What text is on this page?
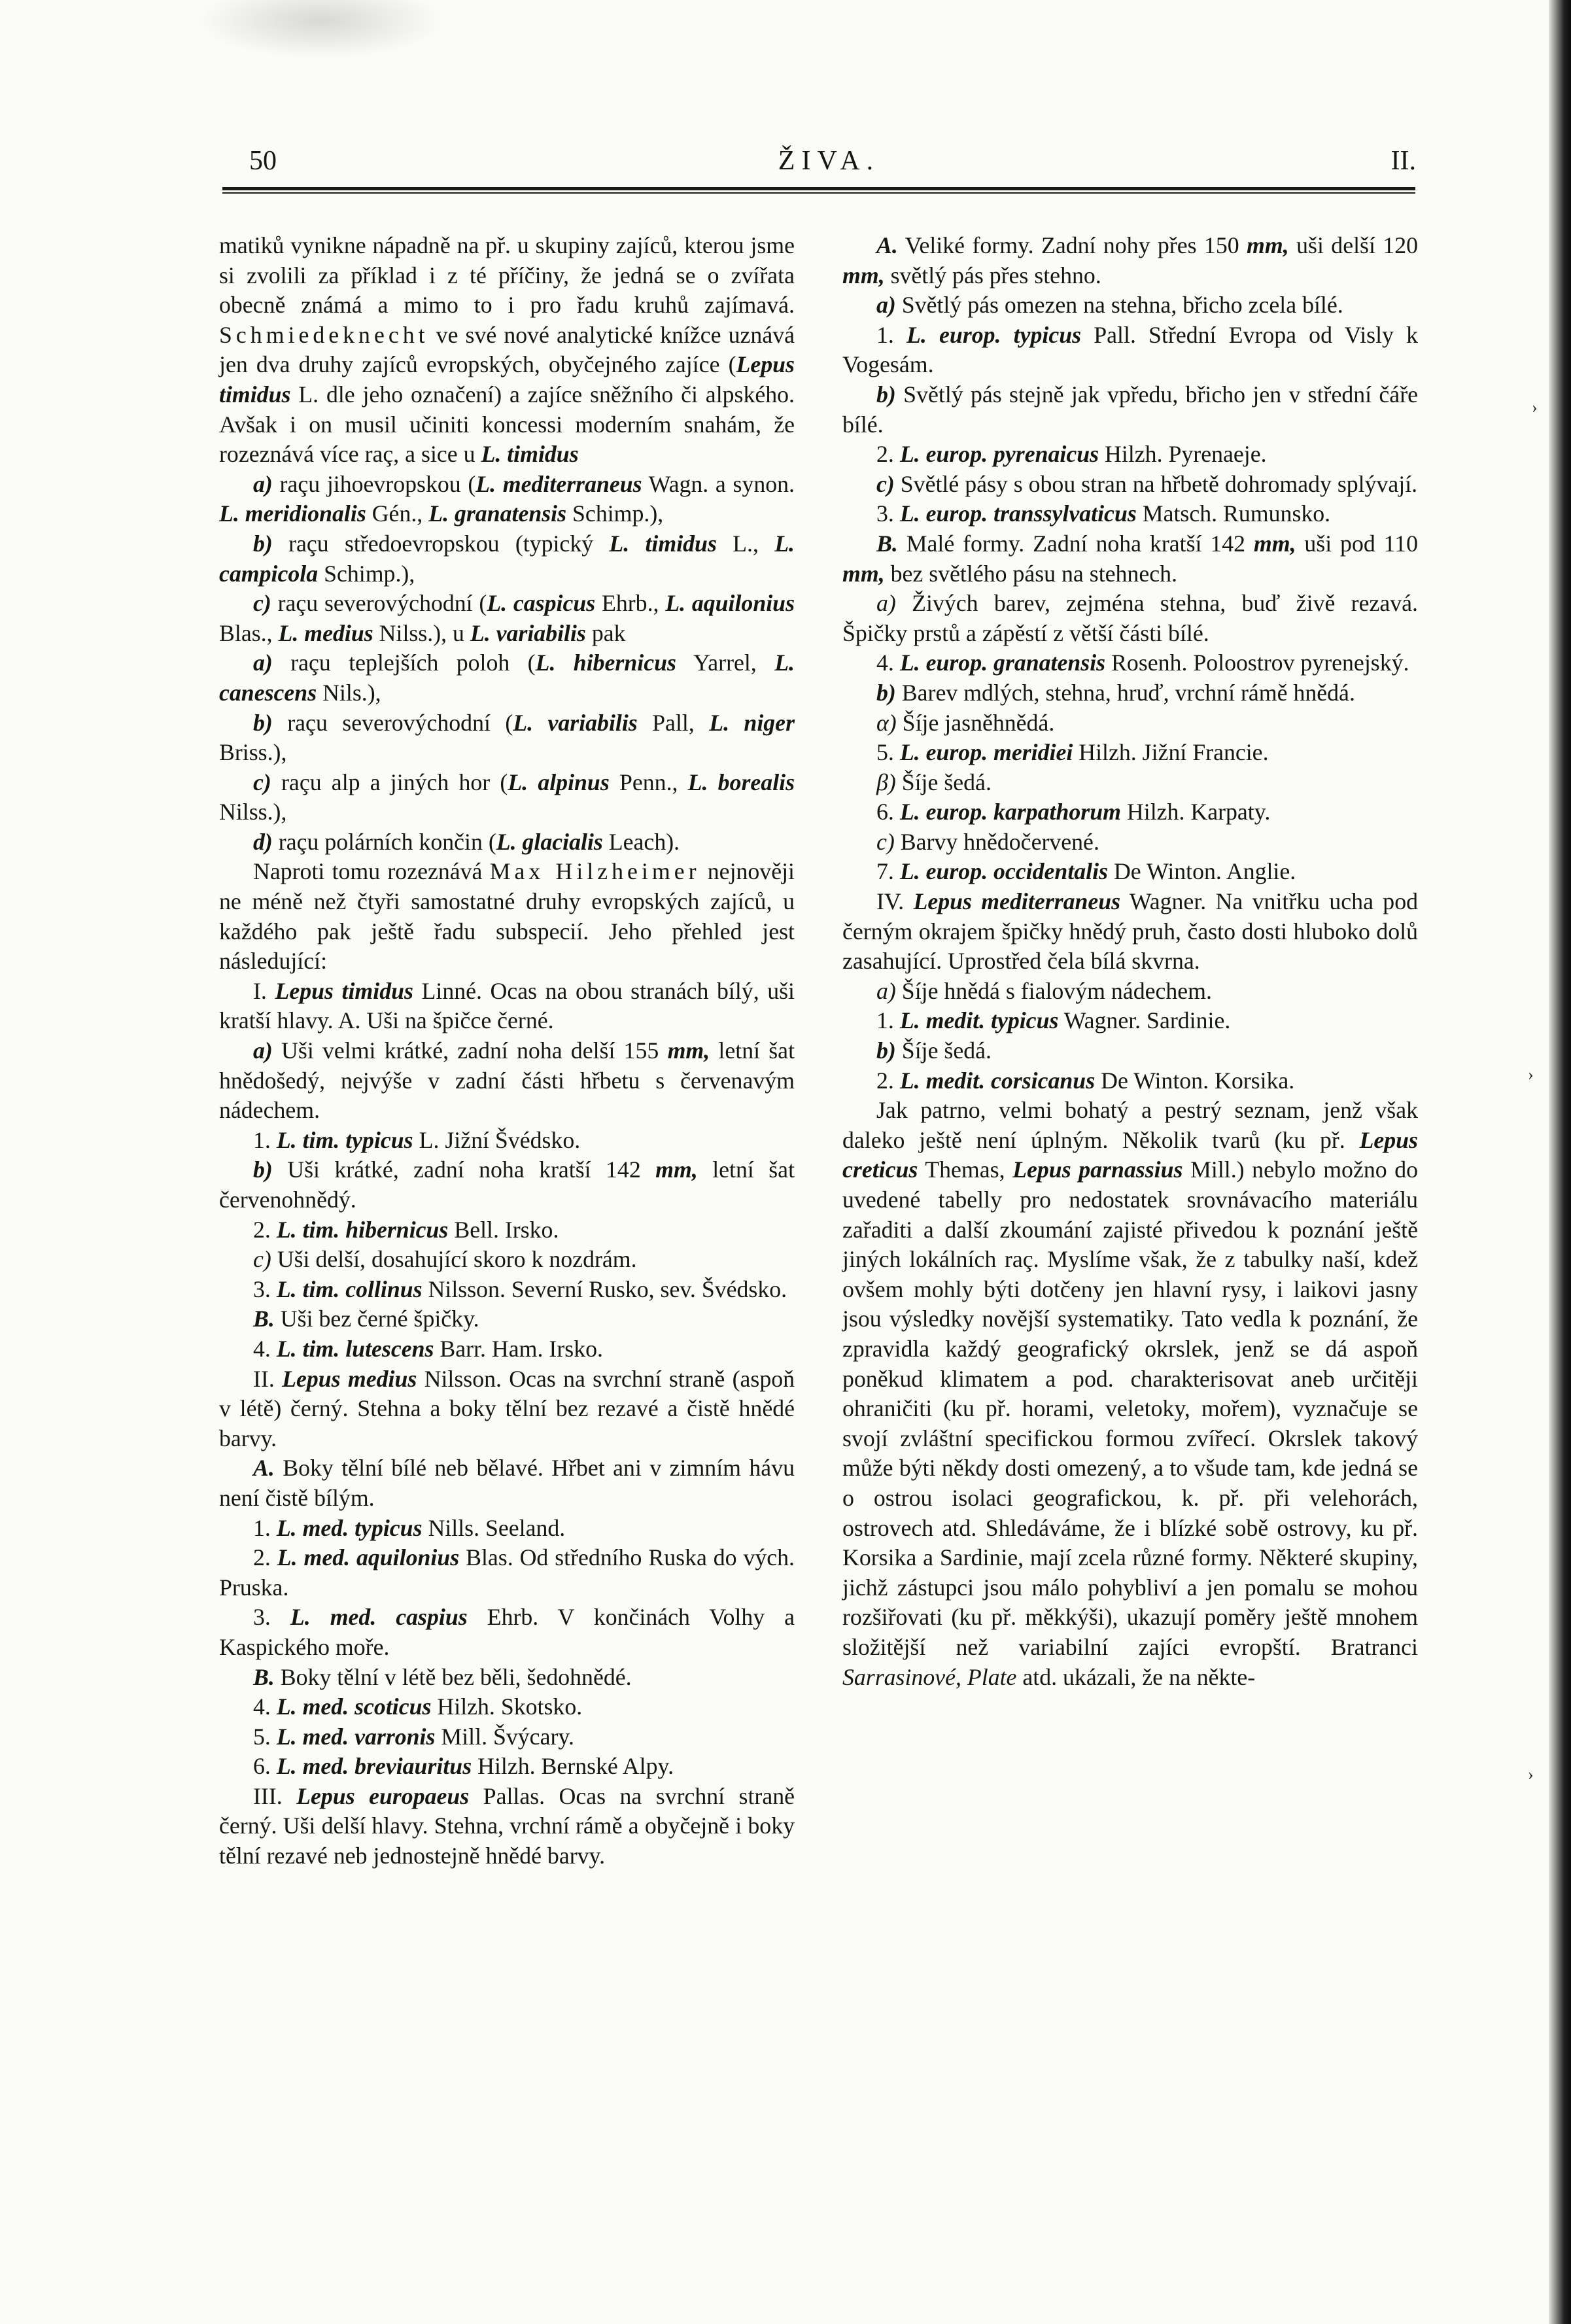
50	ŽIVA.	II.

matiků vynikne nápadně na př. u skupiny zajíců, kterou jsme si zvolili za příklad i z té příčiny, že jedná se o zvířata obecně známá a mimo to i pro řadu kruhů zajímavá. Schmiedeknecht ve své nové analytické knížce uznává jen dva druhy zajíců evropských, obyčejného zajíce (Lepus timidus L. dle jeho označení) a zajíce sněžního či alpského. Avšak i on musil učiniti koncessi moderním snahám, že rozeznává více raç, a sice u L. timidus

a) raçu jihoevropskou (L. mediterraneus Wagn. a synon. L. meridionalis Gén., L. granatensis Schimp.),

b) raçu středoevropskou (typický L. timidus L., L. campicola Schimp.),

c) raçu severovýchodní (L. caspicus Ehrb., L. aquilonius Blas., L. medius Nilss.), u L. variabilis pak

a) raçu teplejších poloh (L. hibernicus Yarrel, L. canescens Nils.),

b) raçu severovýchodní (L. variabilis Pall, L. niger Briss.),

c) raçu alp a jiných hor (L. alpinus Penn., L. borealis Nilss.),

d) raçu polárních končin (L. glacialis Leach).

Naproti tomu rozeznává Max Hilzheimer nejnověji ne méně než čtyři samostatné druhy evropských zajíců, u každého pak ještě řadu subspecií. Jeho přehled jest následující:

I. Lepus timidus Linné. Ocas na obou stranách bílý, uši kratší hlavy. A. Uši na špičce černé.

a) Uši velmi krátké, zadní noha delší 155 mm, letní šat hnědošedý, nejvýše v zadní části hřbetu s červenavým nádechem.

1. L. tim. typicus L. Jižní Švédsko.

b) Uši krátké, zadní noha kratší 142 mm, letní šat červenohnědý.

2. L. tim. hibernicus Bell. Irsko.

c) Uši delší, dosahující skoro k nozdrám.

3. L. tim. collinus Nilsson. Severní Rusko, sev. Švédsko.

B. Uši bez černé špičky.

4. L. tim. lutescens Barr. Ham. Irsko.

II. Lepus medius Nilsson. Ocas na svrchní straně (aspoň v létě) černý. Stehna a boky tělní bez rezavé a čistě hnědé barvy.

A. Boky tělní bílé neb bělavé. Hřbet ani v zimním hávu není čistě bílým.

1. L. med. typicus Nills. Seeland.

2. L. med. aquilonius Blas. Od středního Ruska do vých. Pruska.

3. L. med. caspius Ehrb. V končinách Volhy a Kaspického moře.

B. Boky tělní v létě bez běli, šedohnědé.

4. L. med. scoticus Hilzh. Skotsko.

5. L. med. varronis Mill. Švýcary.

6. L. med. breviauritus Hilzh. Bernské Alpy.

III. Lepus europaeus Pallas. Ocas na svrchní straně černý. Uši delší hlavy. Stehna, vrchní rámě a obyčejně i boky tělní rezavé neb jednostejně hnědé barvy.

A. Veliké formy. Zadní nohy přes 150 mm, uši delší 120 mm, světlý pás přes stehno.

a) Světlý pás omezen na stehna, břicho zcela bílé.

1. L. europ. typicus Pall. Střední Evropa od Visly k Vogesám.

b) Světlý pás stejně jak vpředu, břicho jen v střední čáře bílé.

2. L. europ. pyrenaicus Hilzh. Pyrenaeje.

c) Světlé pásy s obou stran na hřbetě dohromady splývají.

3. L. europ. transsylvaticus Matsch. Rumunsko.

B. Malé formy. Zadní noha kratší 142 mm, uši pod 110 mm, bez světlého pásu na stehnech.

a) Živých barev, zejména stehna, buď živě rezavá. Špičky prstů a zápěstí z větší části bílé.

4. L. europ. granatensis Rosenh. Poloostrov pyrenejský.

b) Barev mdlých, stehna, hruď, vrchní rámě hnědá.

α) Šíje jasněhnědá.

5. L. europ. meridiei Hilzh. Jižní Francie.

β) Šíje šedá.

6. L. europ. karpathorum Hilzh. Karpaty.

c) Barvy hnědočervené.

7. L. europ. occidentalis De Winton. Anglie.

IV. Lepus mediterraneus Wagner. Na vnitřku ucha pod černým okrajem špičky hnědý pruh, často dosti hluboko dolů zasahující. Uprostřed čela bílá skvrna.

a) Šíje hnědá s fialovým nádechem.

1. L. medit. typicus Wagner. Sardinie.

b) Šíje šedá.

2. L. medit. corsicanus De Winton. Korsika.

Jak patrno, velmi bohatý a pestrý seznam, jenž však daleko ještě není úplným. Několik tvarů (ku př. Lepus creticus Themas, Lepus parnassius Mill.) nebylo možno do uvedené tabelly pro nedostatek srovnávacího materiálu zařaditi a další zkoumání zajisté přivedou k poznání ještě jiných lokálních raç. Myslíme však, že z tabulky naší, kdež ovšem mohly býti dotčeny jen hlavní rysy, i laikovi jasny jsou výsledky novější systematiky. Tato vedla k poznání, že zpravidla každý geografický okrslek, jenž se dá aspoň poněkud klimatem a pod. charakterisovat aneb určitěji ohraničiti (ku př. horami, veletoky, mořem), vyznačuje se svojí zvláštní specifickou formou zvířecí. Okrslek takový může býti někdy dosti omezený, a to všude tam, kde jedná se o ostrou isolaci geografickou, k. př. při velehorách, ostrovech atd. Shledáváme, že i blízké sobě ostrovy, ku př. Korsika a Sardinie, mají zcela různé formy. Některé skupiny, jichž zástupci jsou málo pohybliví a jen pomalu se mohou rozšiřovati (ku př. měkkýši), ukazují poměry ještě mnohem složitější než variabilní zajíci evropští. Bratranci Sarrasinové, Plate atd. ukázali, že na někte-

›
›
›
